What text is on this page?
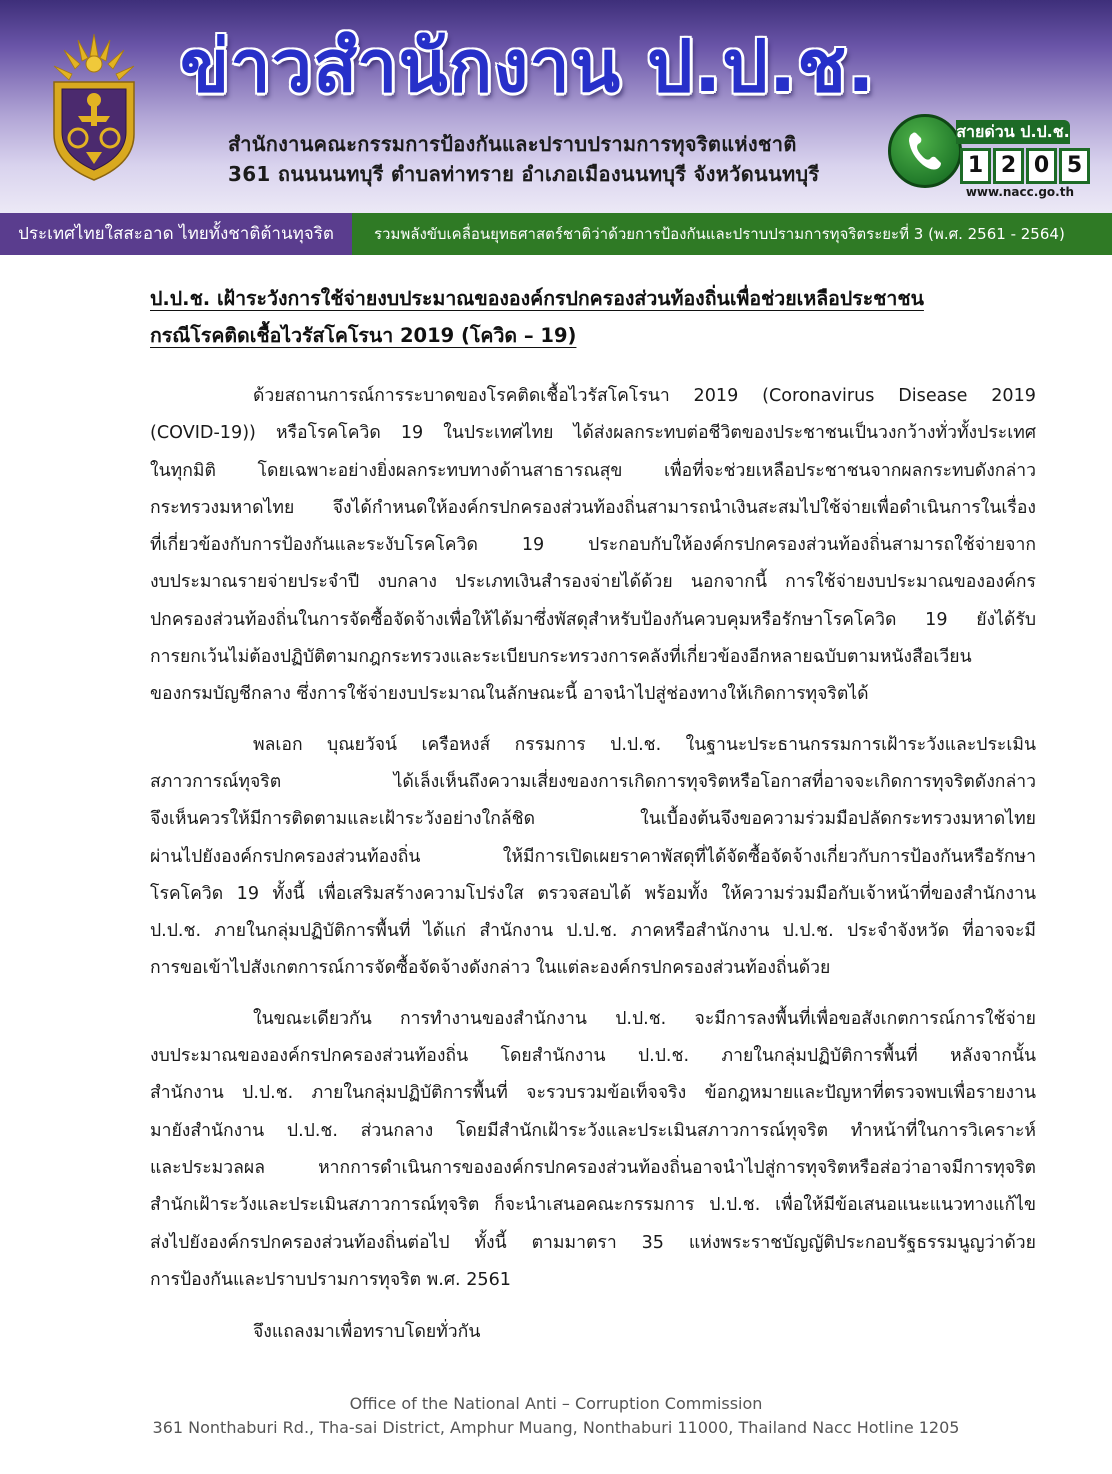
ข่าวสำนักงาน ป.ป.ช.

สำนักงานคณะกรรมการป้องกันและปราบปรามการทุจริตแห่งชาติ

361 ถนนนนทบุรี ตำบลท่าทราย อำเภอเมืองนนทบุรี จังหวัดนนทบุรี

สายด่วน ป.ป.ช.
1 2 0 5
www.nacc.go.th
ประเทศไทยใสสะอาด ไทยทั้งชาติต้านทุจริต	รวมพลังขับเคลื่อนยุทธศาสตร์ชาติว่าด้วยการป้องกันและปราบปรามการทุจริตระยะที่ 3 (พ.ศ. 2561 - 2564)
ป.ป.ช. เฝ้าระวังการใช้จ่ายงบประมาณขององค์กรปกครองส่วนท้องถิ่นเพื่อช่วยเหลือประชาชน
กรณีโรคติดเชื้อไวรัสโคโรนา 2019 (โควิด – 19)

ด้วยสถานการณ์การระบาดของโรคติดเชื้อไวรัสโคโรนา 2019 (Coronavirus Disease 2019
(COVID-19)) หรือโรคโควิด 19 ในประเทศไทย ได้ส่งผลกระทบต่อชีวิตของประชาชนเป็นวงกว้างทั่วทั้งประเทศ
ในทุกมิติ โดยเฉพาะอย่างยิ่งผลกระทบทางด้านสาธารณสุข เพื่อที่จะช่วยเหลือประชาชนจากผลกระทบดังกล่าว
กระทรวงมหาดไทย จึงได้กำหนดให้องค์กรปกครองส่วนท้องถิ่นสามารถนำเงินสะสมไปใช้จ่ายเพื่อดำเนินการในเรื่อง
ที่เกี่ยวข้องกับการป้องกันและระงับโรคโควิด 19 ประกอบกับให้องค์กรปกครองส่วนท้องถิ่นสามารถใช้จ่ายจาก
งบประมาณรายจ่ายประจำปี งบกลาง ประเภทเงินสำรองจ่ายได้ด้วย นอกจากนี้ การใช้จ่ายงบประมาณขององค์กร
ปกครองส่วนท้องถิ่นในการจัดซื้อจัดจ้างเพื่อให้ได้มาซึ่งพัสดุสำหรับป้องกันควบคุมหรือรักษาโรคโควิด 19 ยังได้รับ
การยกเว้นไม่ต้องปฏิบัติตามกฎกระทรวงและระเบียบกระทรวงการคลังที่เกี่ยวข้องอีกหลายฉบับตามหนังสือเวียน
ของกรมบัญชีกลาง ซึ่งการใช้จ่ายงบประมาณในลักษณะนี้ อาจนำไปสู่ช่องทางให้เกิดการทุจริตได้

พลเอก บุณยวัจน์ เครือหงส์ กรรมการ ป.ป.ช. ในฐานะประธานกรรมการเฝ้าระวังและประเมิน
สภาวการณ์ทุจริต ได้เล็งเห็นถึงความเสี่ยงของการเกิดการทุจริตหรือโอกาสที่อาจจะเกิดการทุจริตดังกล่าว
จึงเห็นควรให้มีการติดตามและเฝ้าระวังอย่างใกล้ชิด ในเบื้องต้นจึงขอความร่วมมือปลัดกระทรวงมหาดไทย
ผ่านไปยังองค์กรปกครองส่วนท้องถิ่น ให้มีการเปิดเผยราคาพัสดุที่ได้จัดซื้อจัดจ้างเกี่ยวกับการป้องกันหรือรักษา
โรคโควิด 19 ทั้งนี้ เพื่อเสริมสร้างความโปร่งใส ตรวจสอบได้ พร้อมทั้ง ให้ความร่วมมือกับเจ้าหน้าที่ของสำนักงาน
ป.ป.ช. ภายในกลุ่มปฏิบัติการพื้นที่ ได้แก่ สำนักงาน ป.ป.ช. ภาคหรือสำนักงาน ป.ป.ช. ประจำจังหวัด ที่อาจจะมี
การขอเข้าไปสังเกตการณ์การจัดซื้อจัดจ้างดังกล่าว ในแต่ละองค์กรปกครองส่วนท้องถิ่นด้วย

ในขณะเดียวกัน การทำงานของสำนักงาน ป.ป.ช. จะมีการลงพื้นที่เพื่อขอสังเกตการณ์การใช้จ่าย
งบประมาณขององค์กรปกครองส่วนท้องถิ่น โดยสำนักงาน ป.ป.ช. ภายในกลุ่มปฏิบัติการพื้นที่ หลังจากนั้น
สำนักงาน ป.ป.ช. ภายในกลุ่มปฏิบัติการพื้นที่ จะรวบรวมข้อเท็จจริง ข้อกฎหมายและปัญหาที่ตรวจพบเพื่อรายงาน
มายังสำนักงาน ป.ป.ช. ส่วนกลาง โดยมีสำนักเฝ้าระวังและประเมินสภาวการณ์ทุจริต ทำหน้าที่ในการวิเคราะห์
และประมวลผล หากการดำเนินการขององค์กรปกครองส่วนท้องถิ่นอาจนำไปสู่การทุจริตหรือส่อว่าอาจมีการทุจริต
สำนักเฝ้าระวังและประเมินสภาวการณ์ทุจริต ก็จะนำเสนอคณะกรรมการ ป.ป.ช. เพื่อให้มีข้อเสนอแนะแนวทางแก้ไข
ส่งไปยังองค์กรปกครองส่วนท้องถิ่นต่อไป ทั้งนี้ ตามมาตรา 35 แห่งพระราชบัญญัติประกอบรัฐธรรมนูญว่าด้วย
การป้องกันและปราบปรามการทุจริต พ.ศ. 2561

จึงแถลงมาเพื่อทราบโดยทั่วกัน

Office of the National Anti – Corruption Commission
361 Nonthaburi Rd., Tha-sai District, Amphur Muang, Nonthaburi 11000, Thailand Nacc Hotline 1205
